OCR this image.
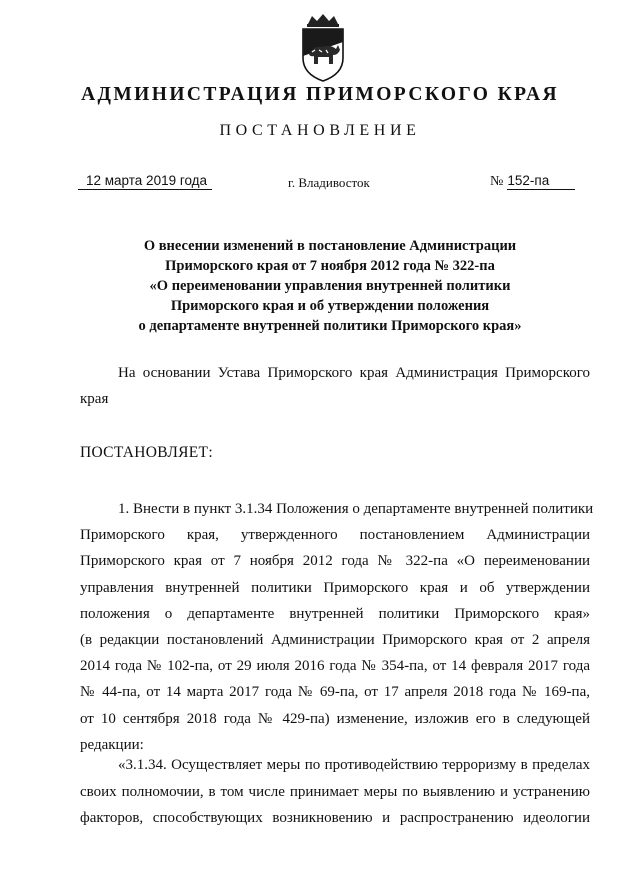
АДМИНИСТРАЦИЯ ПРИМОРСКОГО КРАЯ
ПОСТАНОВЛЕНИЕ
12 марта 2019 года	г. Владивосток	№ 152-па
О внесении изменений в постановление Администрации
Приморского края от 7 ноября 2012 года № 322-па
«О переименовании управления внутренней политики
Приморского края и об утверждении положения
о департаменте внутренней политики Приморского края»
На основании Устава Приморского края Администрация Приморского края
ПОСТАНОВЛЯЕТ:
1. Внести в пункт 3.1.34 Положения о департаменте внутренней политики
Приморского края, утвержденного постановлением Администрации
Приморского края от 7 ноября 2012 года № 322-па «О переименовании
управления внутренней политики Приморского края и об утверждении
положения о департаменте внутренней политики Приморского края»
(в редакции постановлений Администрации Приморского края от 2 апреля
2014 года № 102-па, от 29 июля 2016 года № 354-па, от 14 февраля 2017 года
№ 44-па, от 14 марта 2017 года № 69-па, от 17 апреля 2018 года № 169-па,
от 10 сентября 2018 года № 429-па) изменение, изложив его в следующей
редакции:
«3.1.34. Осуществляет меры по противодействию терроризму в пределах
своих полномочии, в том числе принимает меры по выявлению и устранению
факторов, способствующих возникновению и распространению идеологии
